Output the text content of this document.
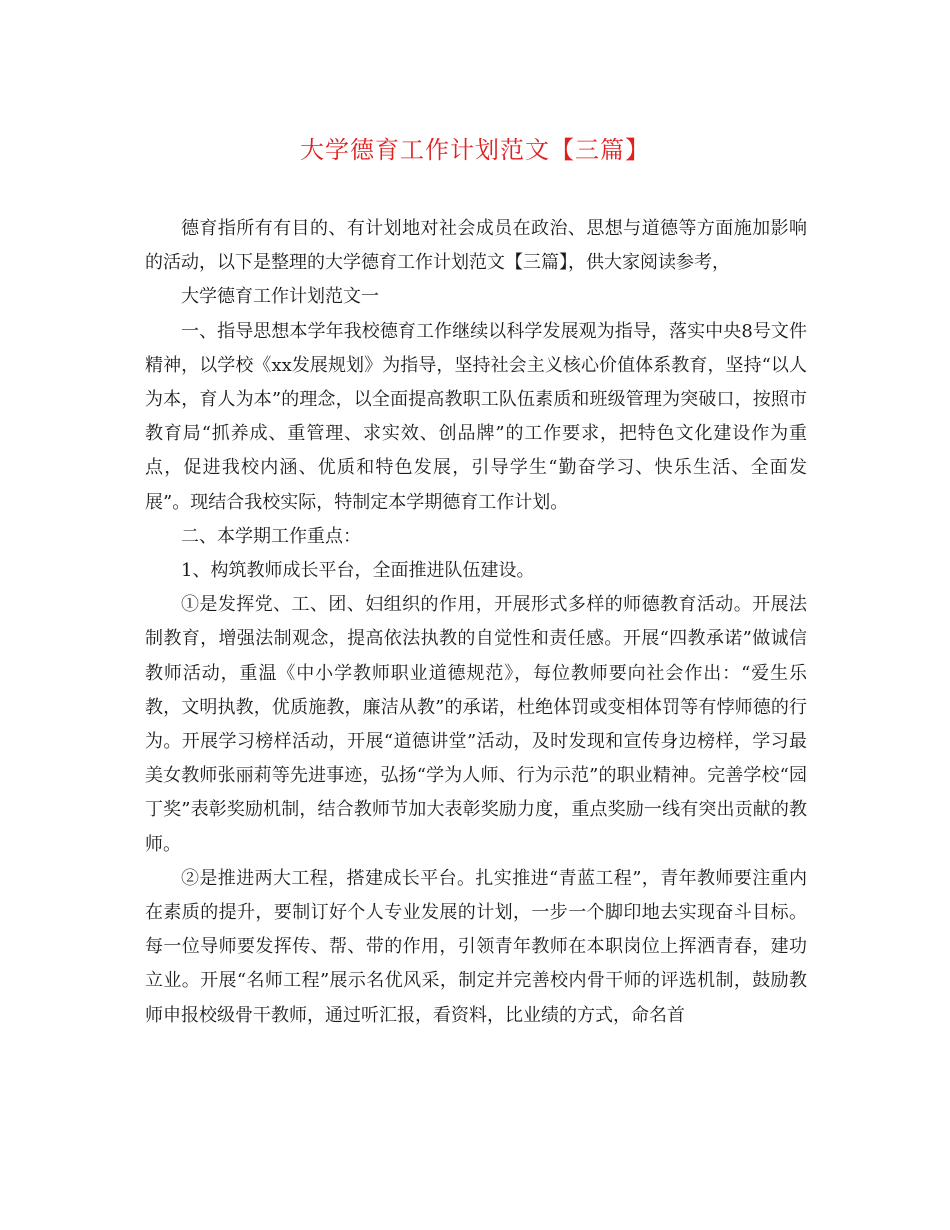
大学德育工作计划范文【三篇】

德育指所有有目的、有计划地对社会成员在政治、思想与道德等方面施加影响的活动，以下是整理的大学德育工作计划范文【三篇】，供大家阅读参考，

大学德育工作计划范文一

一、指导思想本学年我校德育工作继续以科学发展观为指导，落实中央8号文件精神，以学校《xx发展规划》为指导，坚持社会主义核心价值体系教育，坚持“以人为本，育人为本”的理念，以全面提高教职工队伍素质和班级管理为突破口，按照市教育局“抓养成、重管理、求实效、创品牌”的工作要求，把特色文化建设作为重点，促进我校内涵、优质和特色发展，引导学生“勤奋学习、快乐生活、全面发展”。现结合我校实际，特制定本学期德育工作计划。

二、本学期工作重点：

1、构筑教师成长平台，全面推进队伍建设。

①是发挥党、工、团、妇组织的作用，开展形式多样的师德教育活动。开展法制教育，增强法制观念，提高依法执教的自觉性和责任感。开展“四教承诺”做诚信教师活动，重温《中小学教师职业道德规范》，每位教师要向社会作出：“爱生乐教，文明执教，优质施教，廉洁从教”的承诺，杜绝体罚或变相体罚等有悖师德的行为。开展学习榜样活动，开展“道德讲堂”活动，及时发现和宣传身边榜样，学习最美女教师张丽莉等先进事迹，弘扬“学为人师、行为示范”的职业精神。完善学校“园丁奖”表彰奖励机制，结合教师节加大表彰奖励力度，重点奖励一线有突出贡献的教师。

②是推进两大工程，搭建成长平台。扎实推进“青蓝工程”，青年教师要注重内在素质的提升，要制订好个人专业发展的计划，一步一个脚印地去实现奋斗目标。每一位导师要发挥传、帮、带的作用，引领青年教师在本职岗位上挥洒青春，建功立业。开展“名师工程”展示名优风采，制定并完善校内骨干师的评选机制，鼓励教师申报校级骨干教师，通过听汇报，看资料，比业绩的方式，命名首
